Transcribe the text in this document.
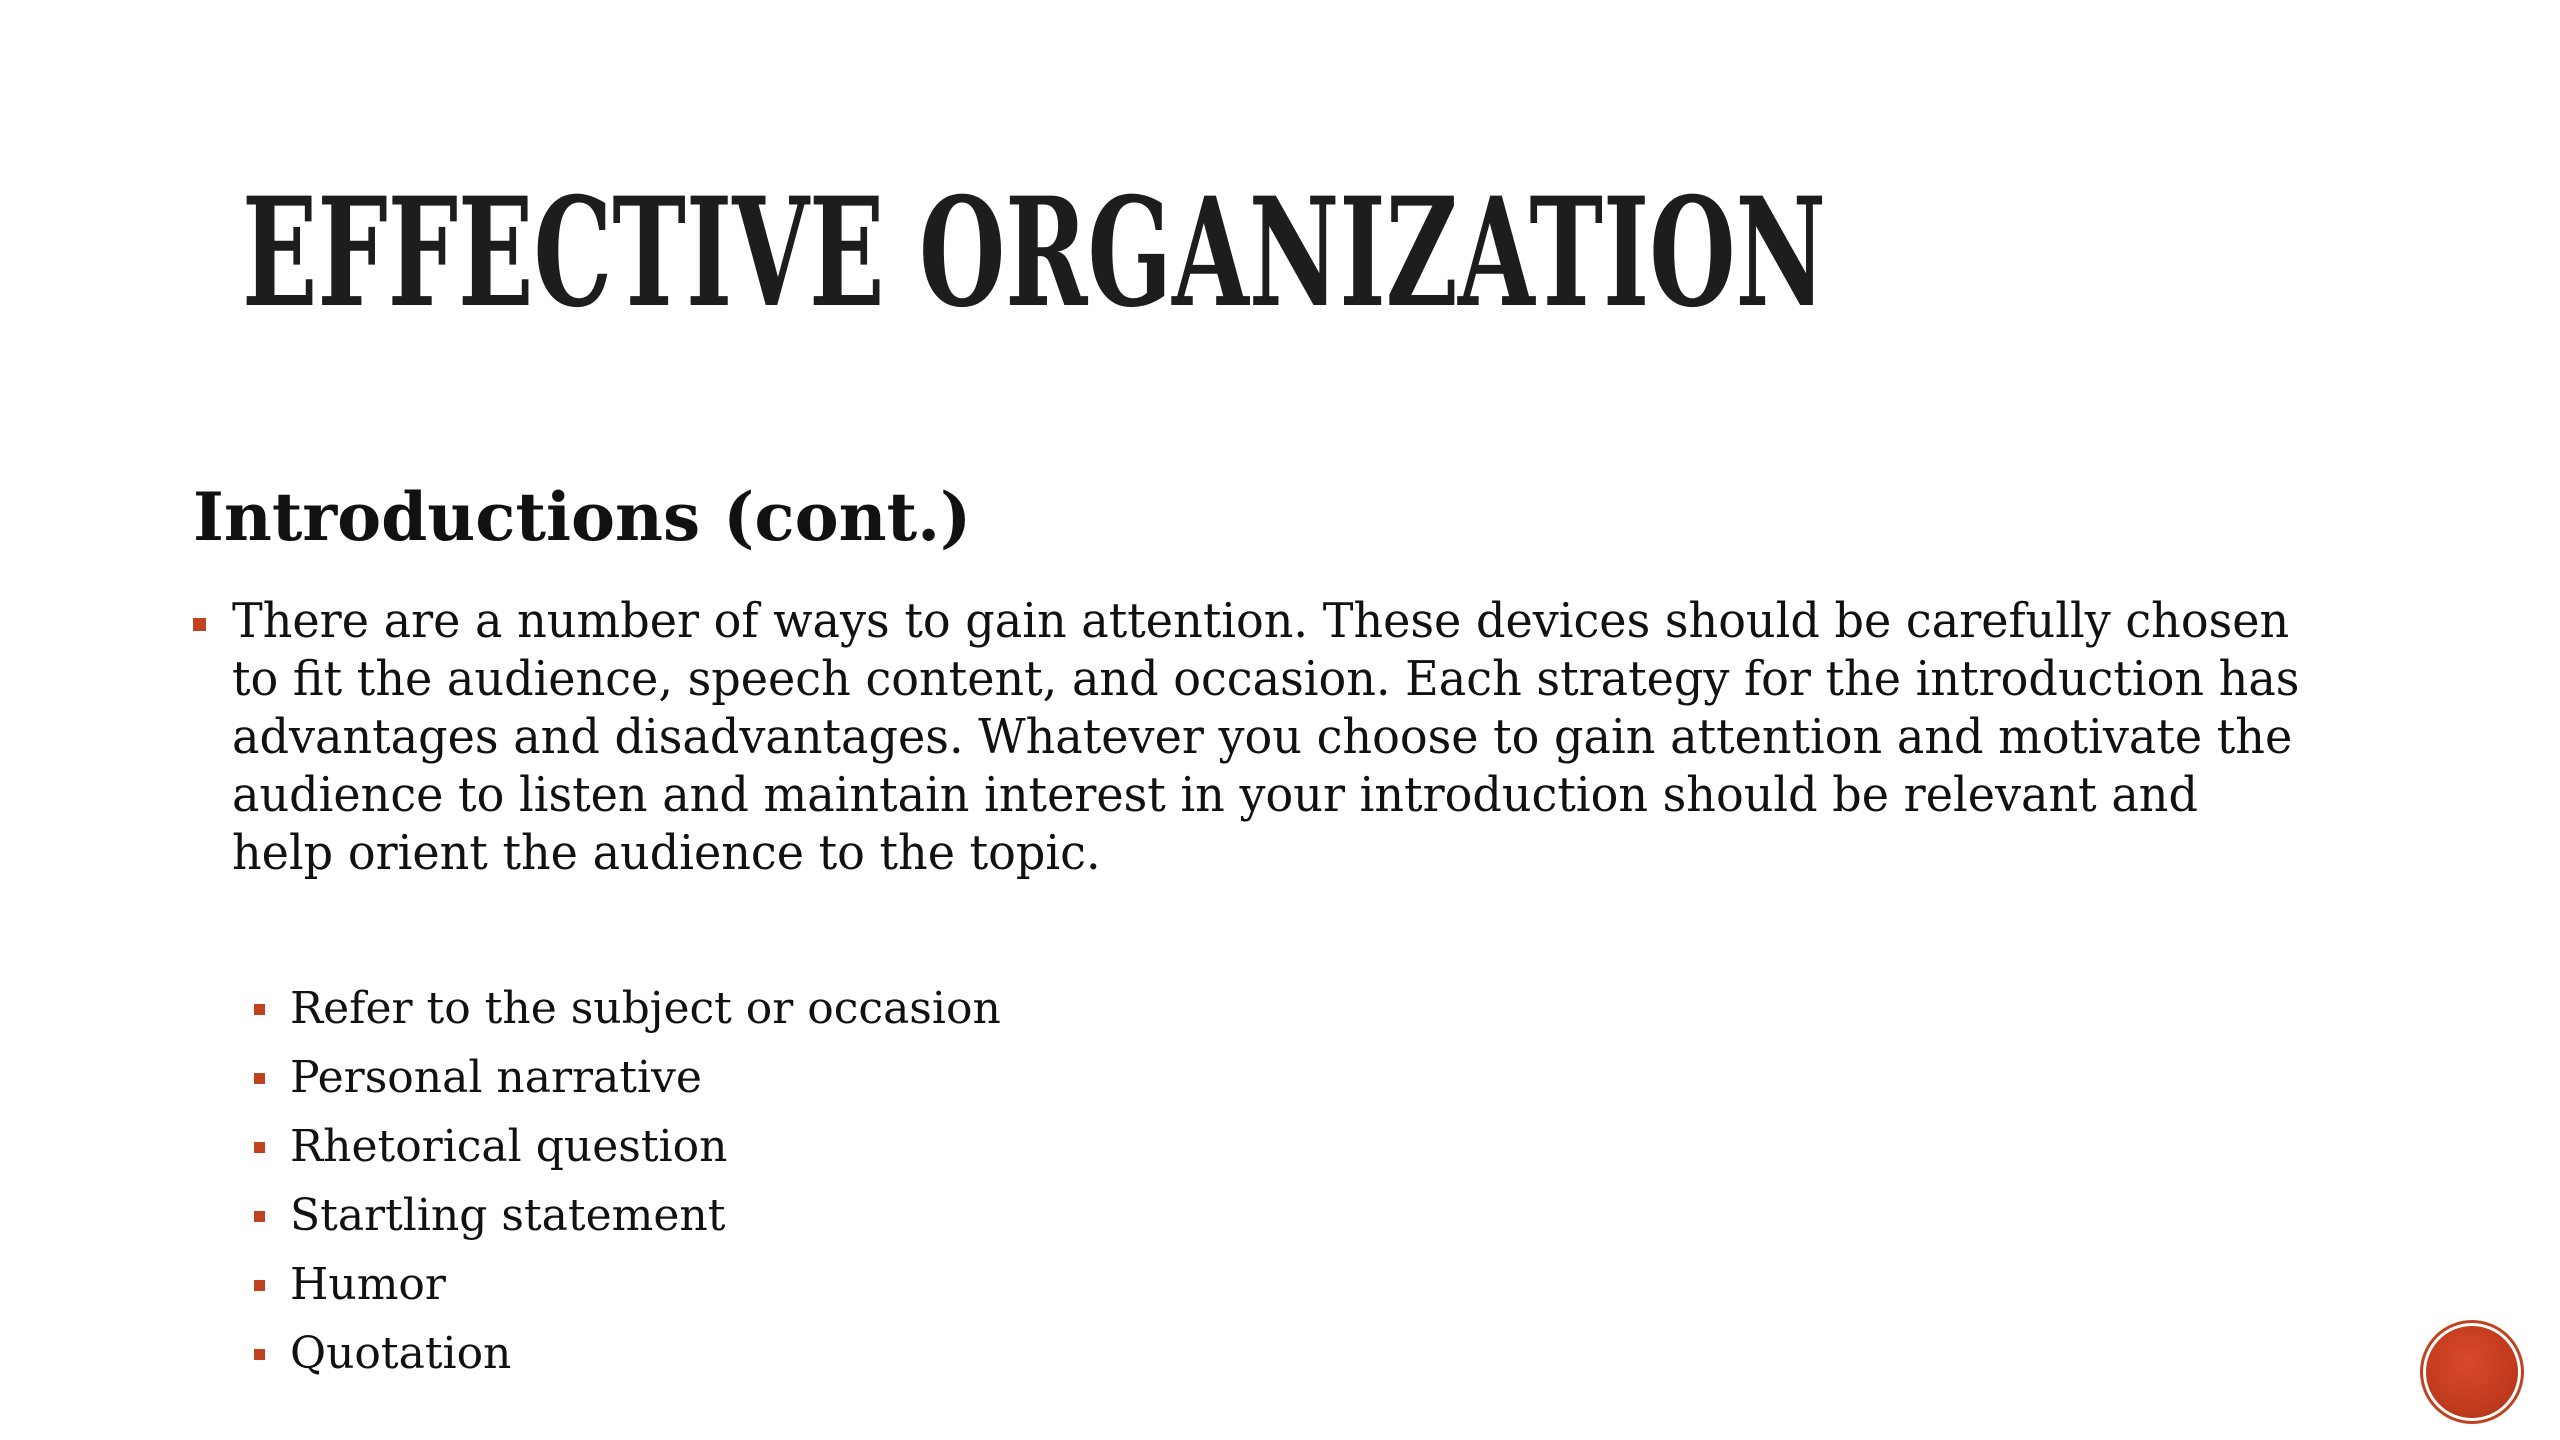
EFFECTIVE ORGANIZATION
Introductions (cont.)

There are a number of ways to gain attention. These devices should be carefully chosen to fit the audience, speech content, and occasion. Each strategy for the introduction has advantages and disadvantages. Whatever you choose to gain attention and motivate the audience to listen and maintain interest in your introduction should be relevant and help orient the audience to the topic.

Refer to the subject or occasion
Personal narrative
Rhetorical question
Startling statement
Humor
Quotation
